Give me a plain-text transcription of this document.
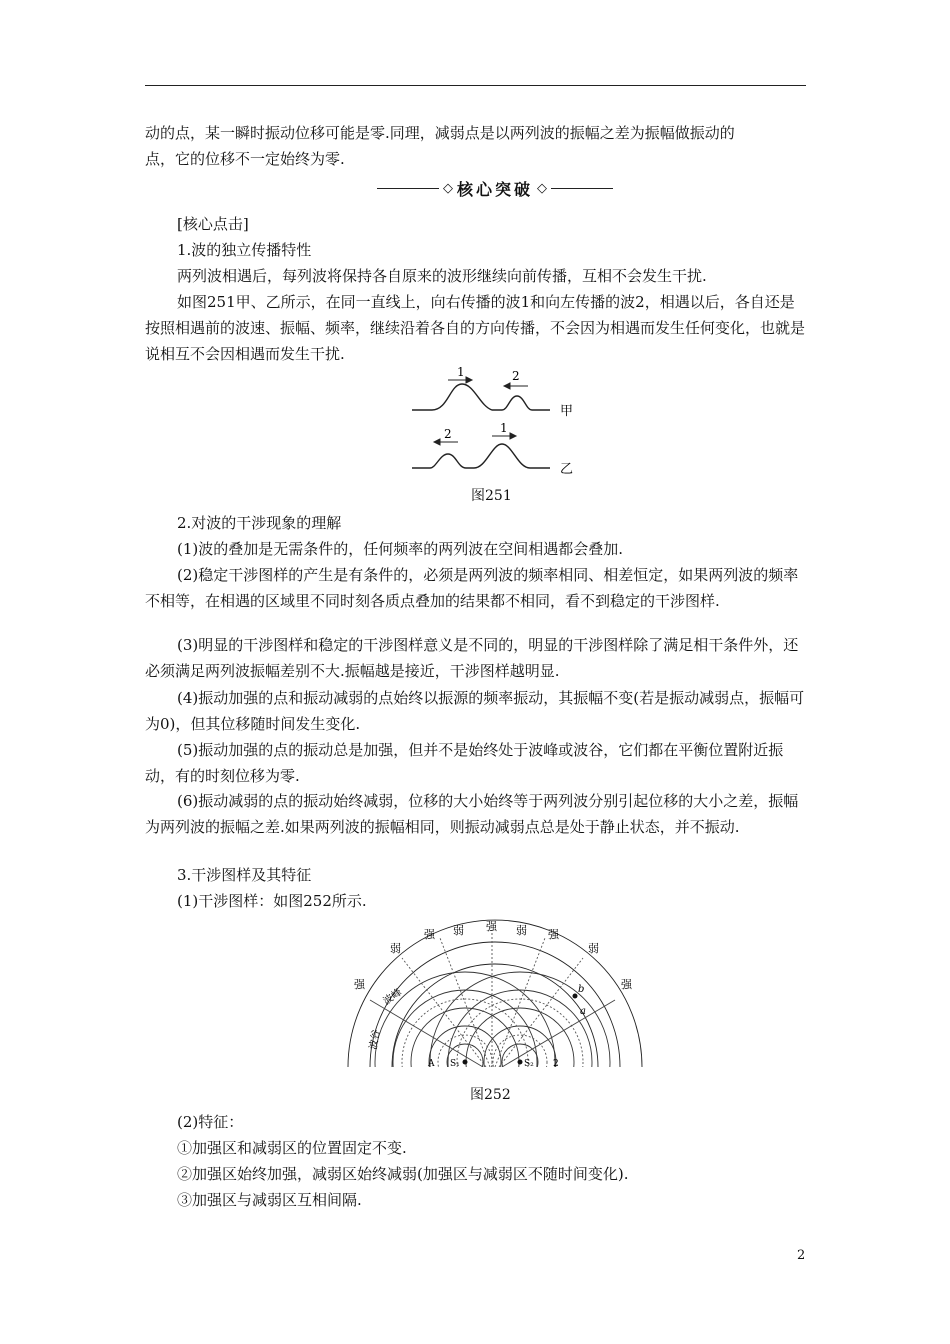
动的点，某一瞬时振动位移可能是零.同理，减弱点是以两列波的振幅之差为振幅做振动的

点，它的位移不一定始终为零.

◇ 核心突破 ◇

[核心点击]

1.波的独立传播特性

两列波相遇后，每列波将保持各自原来的波形继续向前传播，互相不会发生干扰.

如图251甲、乙所示，在同一直线上，向右传播的波1和向左传播的波2，相遇以后，各自还是按照相遇前的波速、振幅、频率，继续沿着各自的方向传播，不会因为相遇而发生任何变化，也就是说相互不会因相遇而发生干扰.

1	2
2	1
甲
乙
图251

2.对波的干涉现象的理解

(1)波的叠加是无需条件的，任何频率的两列波在空间相遇都会叠加.

(2)稳定干涉图样的产生是有条件的，必须是两列波的频率相同、相差恒定，如果两列波的频率不相等，在相遇的区域里不同时刻各质点叠加的结果都不相同，看不到稳定的干涉图样.

(3)明显的干涉图样和稳定的干涉图样意义是不同的，明显的干涉图样除了满足相干条件外，还必须满足两列波振幅差别不大.振幅越是接近，干涉图样越明显.

(4)振动加强的点和振动减弱的点始终以振源的频率振动，其振幅不变(若是振动减弱点，振幅可为0)，但其位移随时间发生变化.

(5)振动加强的点的振动总是加强，但并不是始终处于波峰或波谷，它们都在平衡位置附近振动，有的时刻位移为零.

(6)振动减弱的点的振动始终减弱，位移的大小始终等于两列波分别引起位移的大小之差，振幅为两列波的振幅之差.如果两列波的振幅相同，则振动减弱点总是处于静止状态，并不振动.

3.干涉图样及其特征

(1)干涉图样：如图252所示.

强
弱	弱
强	强
弱	弱
强	强
波峰
波谷
b
a
A S₁	S₂ 2
图252

(2)特征：

①加强区和减弱区的位置固定不变.

②加强区始终加强，减弱区始终减弱(加强区与减弱区不随时间变化).

③加强区与减弱区互相间隔.

2
